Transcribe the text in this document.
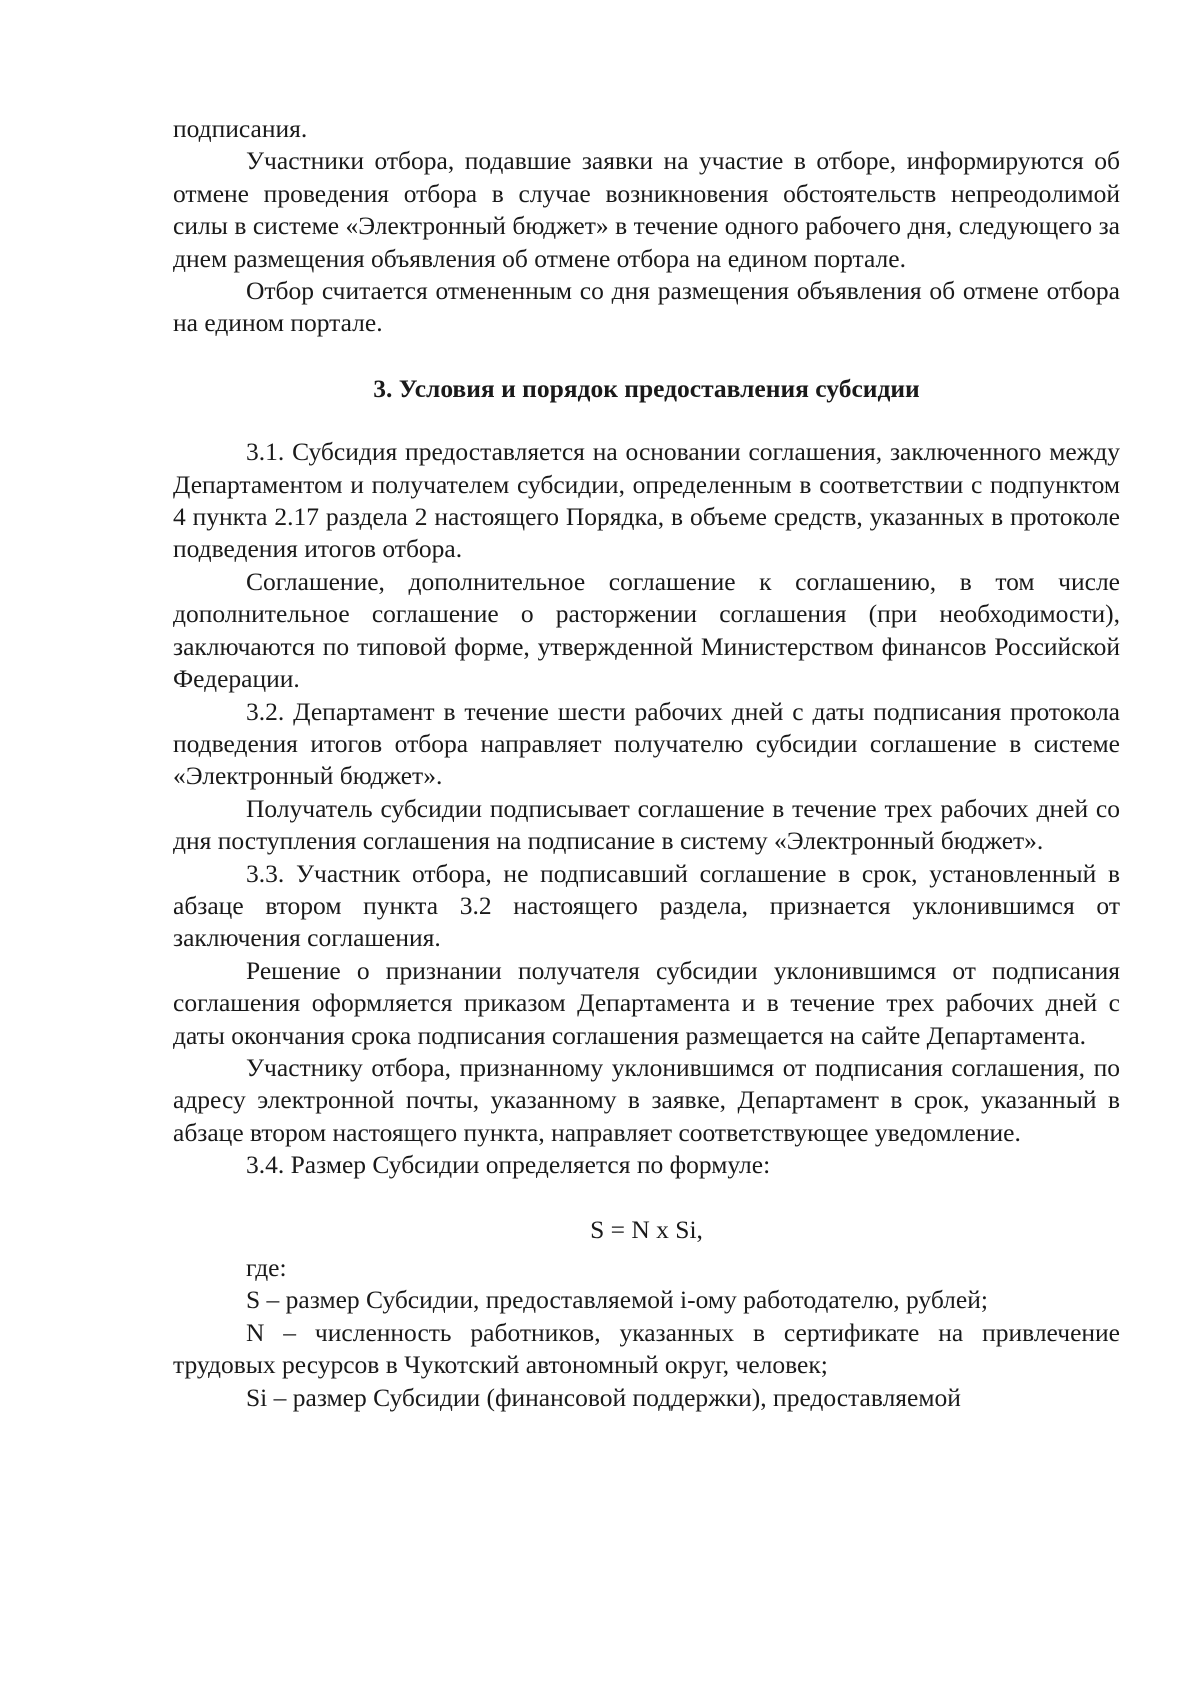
подписания.

Участники отбора, подавшие заявки на участие в отборе, информируются об отмене проведения отбора в случае возникновения обстоятельств непреодолимой силы в системе «Электронный бюджет» в течение одного рабочего дня, следующего за днем размещения объявления об отмене отбора на едином портале.

Отбор считается отмененным со дня размещения объявления об отмене отбора на едином портале.

3. Условия и порядок предоставления субсидии

3.1. Субсидия предоставляется на основании соглашения, заключенного между Департаментом и получателем субсидии, определенным в соответствии с подпунктом 4 пункта 2.17 раздела 2 настоящего Порядка, в объеме средств, указанных в протоколе подведения итогов отбора.

Соглашение, дополнительное соглашение к соглашению, в том числе дополнительное соглашение о расторжении соглашения (при необходимости), заключаются по типовой форме, утвержденной Министерством финансов Российской Федерации.

3.2. Департамент в течение шести рабочих дней с даты подписания протокола подведения итогов отбора направляет получателю субсидии соглашение в системе «Электронный бюджет».

Получатель субсидии подписывает соглашение в течение трех рабочих дней со дня поступления соглашения на подписание в систему «Электронный бюджет».

3.3. Участник отбора, не подписавший соглашение в срок, установленный в абзаце втором пункта 3.2 настоящего раздела, признается уклонившимся от заключения соглашения.

Решение о признании получателя субсидии уклонившимся от подписания соглашения оформляется приказом Департамента и в течение трех рабочих дней с даты окончания срока подписания соглашения размещается на сайте Департамента.

Участнику отбора, признанному уклонившимся от подписания соглашения, по адресу электронной почты, указанному в заявке, Департамент в срок, указанный в абзаце втором настоящего пункта, направляет соответствующее уведомление.

3.4. Размер Субсидии определяется по формуле:

S = N x Si,

где:

S – размер Субсидии, предоставляемой i-ому работодателю, рублей;

N – численность работников, указанных в сертификате на привлечение трудовых ресурсов в Чукотский автономный округ, человек;

Si – размер Субсидии (финансовой поддержки), предоставляемой
